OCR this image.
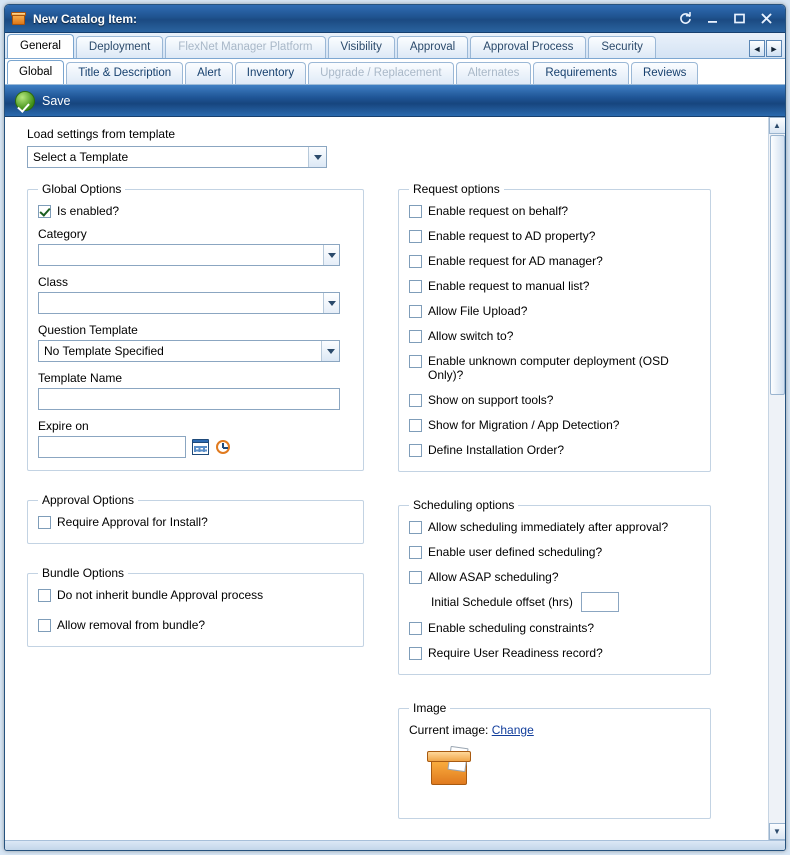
New Catalog Item:
General	Deployment	FlexNet Manager Platform	Visibility	Approval	Approval Process	Security	◄ ►
Global	Title & Description	Alert	Inventory	Upgrade / Replacement	Alternates	Requirements	Reviews
Save
Load settings from template
Select a Template
Global Options
Is enabled?
Category
Class
Question Template
No Template Specified
Template Name
Expire on
Approval Options
Require Approval for Install?
Bundle Options
Do not inherit bundle Approval process
Allow removal from bundle?
Request options
Enable request on behalf?
Enable request to AD property?
Enable request for AD manager?
Enable request to manual list?
Allow File Upload?
Allow switch to?
Enable unknown computer deployment (OSD Only)?
Show on support tools?
Show for Migration / App Detection?
Define Installation Order?
Scheduling options
Allow scheduling immediately after approval?
Enable user defined scheduling?
Allow ASAP scheduling?
Initial Schedule offset (hrs)
Enable scheduling constraints?
Require User Readiness record?
Image
Current image: Change
▲
▼
